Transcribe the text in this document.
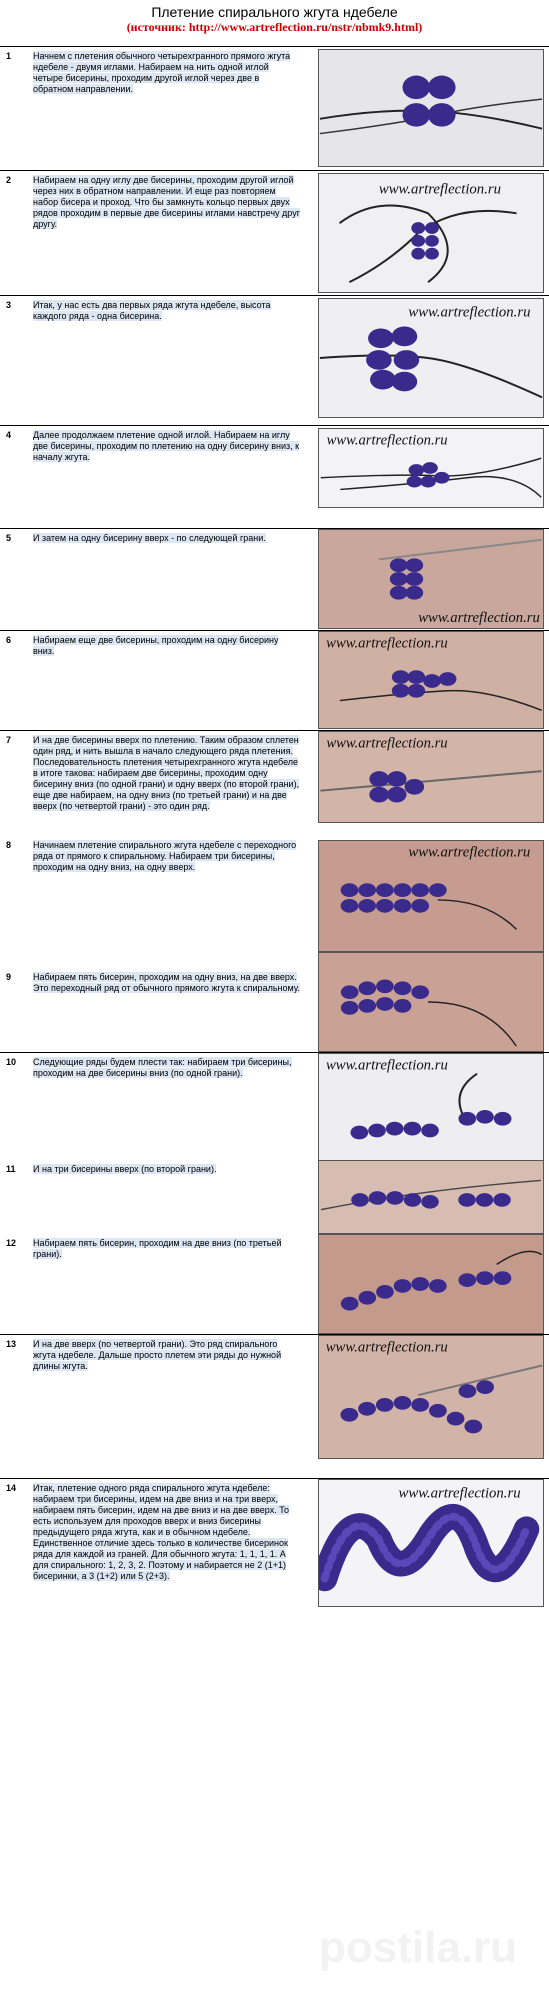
Плетение спирального жгута ндебеле
(источник: http://www.artreflection.ru/nstr/nbmk9.html)
1 Начнем с плетения обычного четырехгранного прямого жгута ндебеле - двумя иглами. Набираем на нить одной иглой четыре бисерины, проходим другой иглой через две в обратном направлении.
2 Набираем на одну иглу две бисерины, проходим другой иглой через них в обратном направлении. И еще раз повторяем набор бисера и проход. Что бы замкнуть кольцо первых двух рядов проходим в первые две бисерины иглами навстречу друг другу.
www.artreflection.ru
3 Итак, у нас есть два первых ряда жгута ндебеле, высота каждого ряда - одна бисерина.	www.artreflection.ru
4 Далее продолжаем плетение одной иглой. Набираем на иглу две бисерины, проходим по плетению на одну бисерину вниз, к началу жгута.
www.artreflection.ru
5 И затем на одну бисерину вверх - по следующей грани.
www.artreflection.ru
6 Набираем еще две бисерины, проходим на одну бисерину вниз.	www.artreflection.ru
7 И на две бисерины вверх по плетению. Таким образом сплетен один ряд, и нить вышла в начало следующего ряда плетения. Последовательность плетения четырехгранного жгута ндебеле в итоге такова: набираем две бисерины, проходим одну бисерину вниз (по одной грани) и одну вверх (по второй грани), еще две набираем, на одну вниз (по третьей грани) и на две вверх (по четвертой грани) - это один ряд.
www.artreflection.ru
8 Начинаем плетение спирального жгута ндебеле с переходного ряда от прямого к спиральному. Набираем три бисерины, проходим на одну вниз, на одну вверх.
www.artreflection.ru
9 Набираем пять бисерин, проходим на одну вниз, на две вверх. Это переходный ряд от обычного прямого жгута к спиральному.
10 Следующие ряды будем плести так: набираем три бисерины, проходим на две бисерины вниз (по одной грани).	www.artreflection.ru
11 И на три бисерины вверх (по второй грани).
12 Набираем пять бисерин, проходим на две вниз (по третьей грани).
13 И на две вверх (по четвертой грани). Это ряд спирального жгута ндебеле. Дальше просто плетем эти ряды до нужной длины жгута.
www.artreflection.ru
14 Итак, плетение одного ряда спирального жгута ндебеле: набираем три бисерины, идем на две вниз и на три вверх, набираем пять бисерин, идем на две вниз и на две вверх. То есть используем для проходов вверх и вниз бисерины предыдущего ряда жгута, как и в обычном ндебеле. Единственное отличие здесь только в количестве бисеринок ряда для каждой из граней. Для обычного жгута: 1, 1, 1, 1. А для спирального: 1, 2, 3, 2. Поэтому и набирается не 2 (1+1) бисеринки, а 3 (1+2) или 5 (2+3).
www.artreflection.ru
postila.ru
